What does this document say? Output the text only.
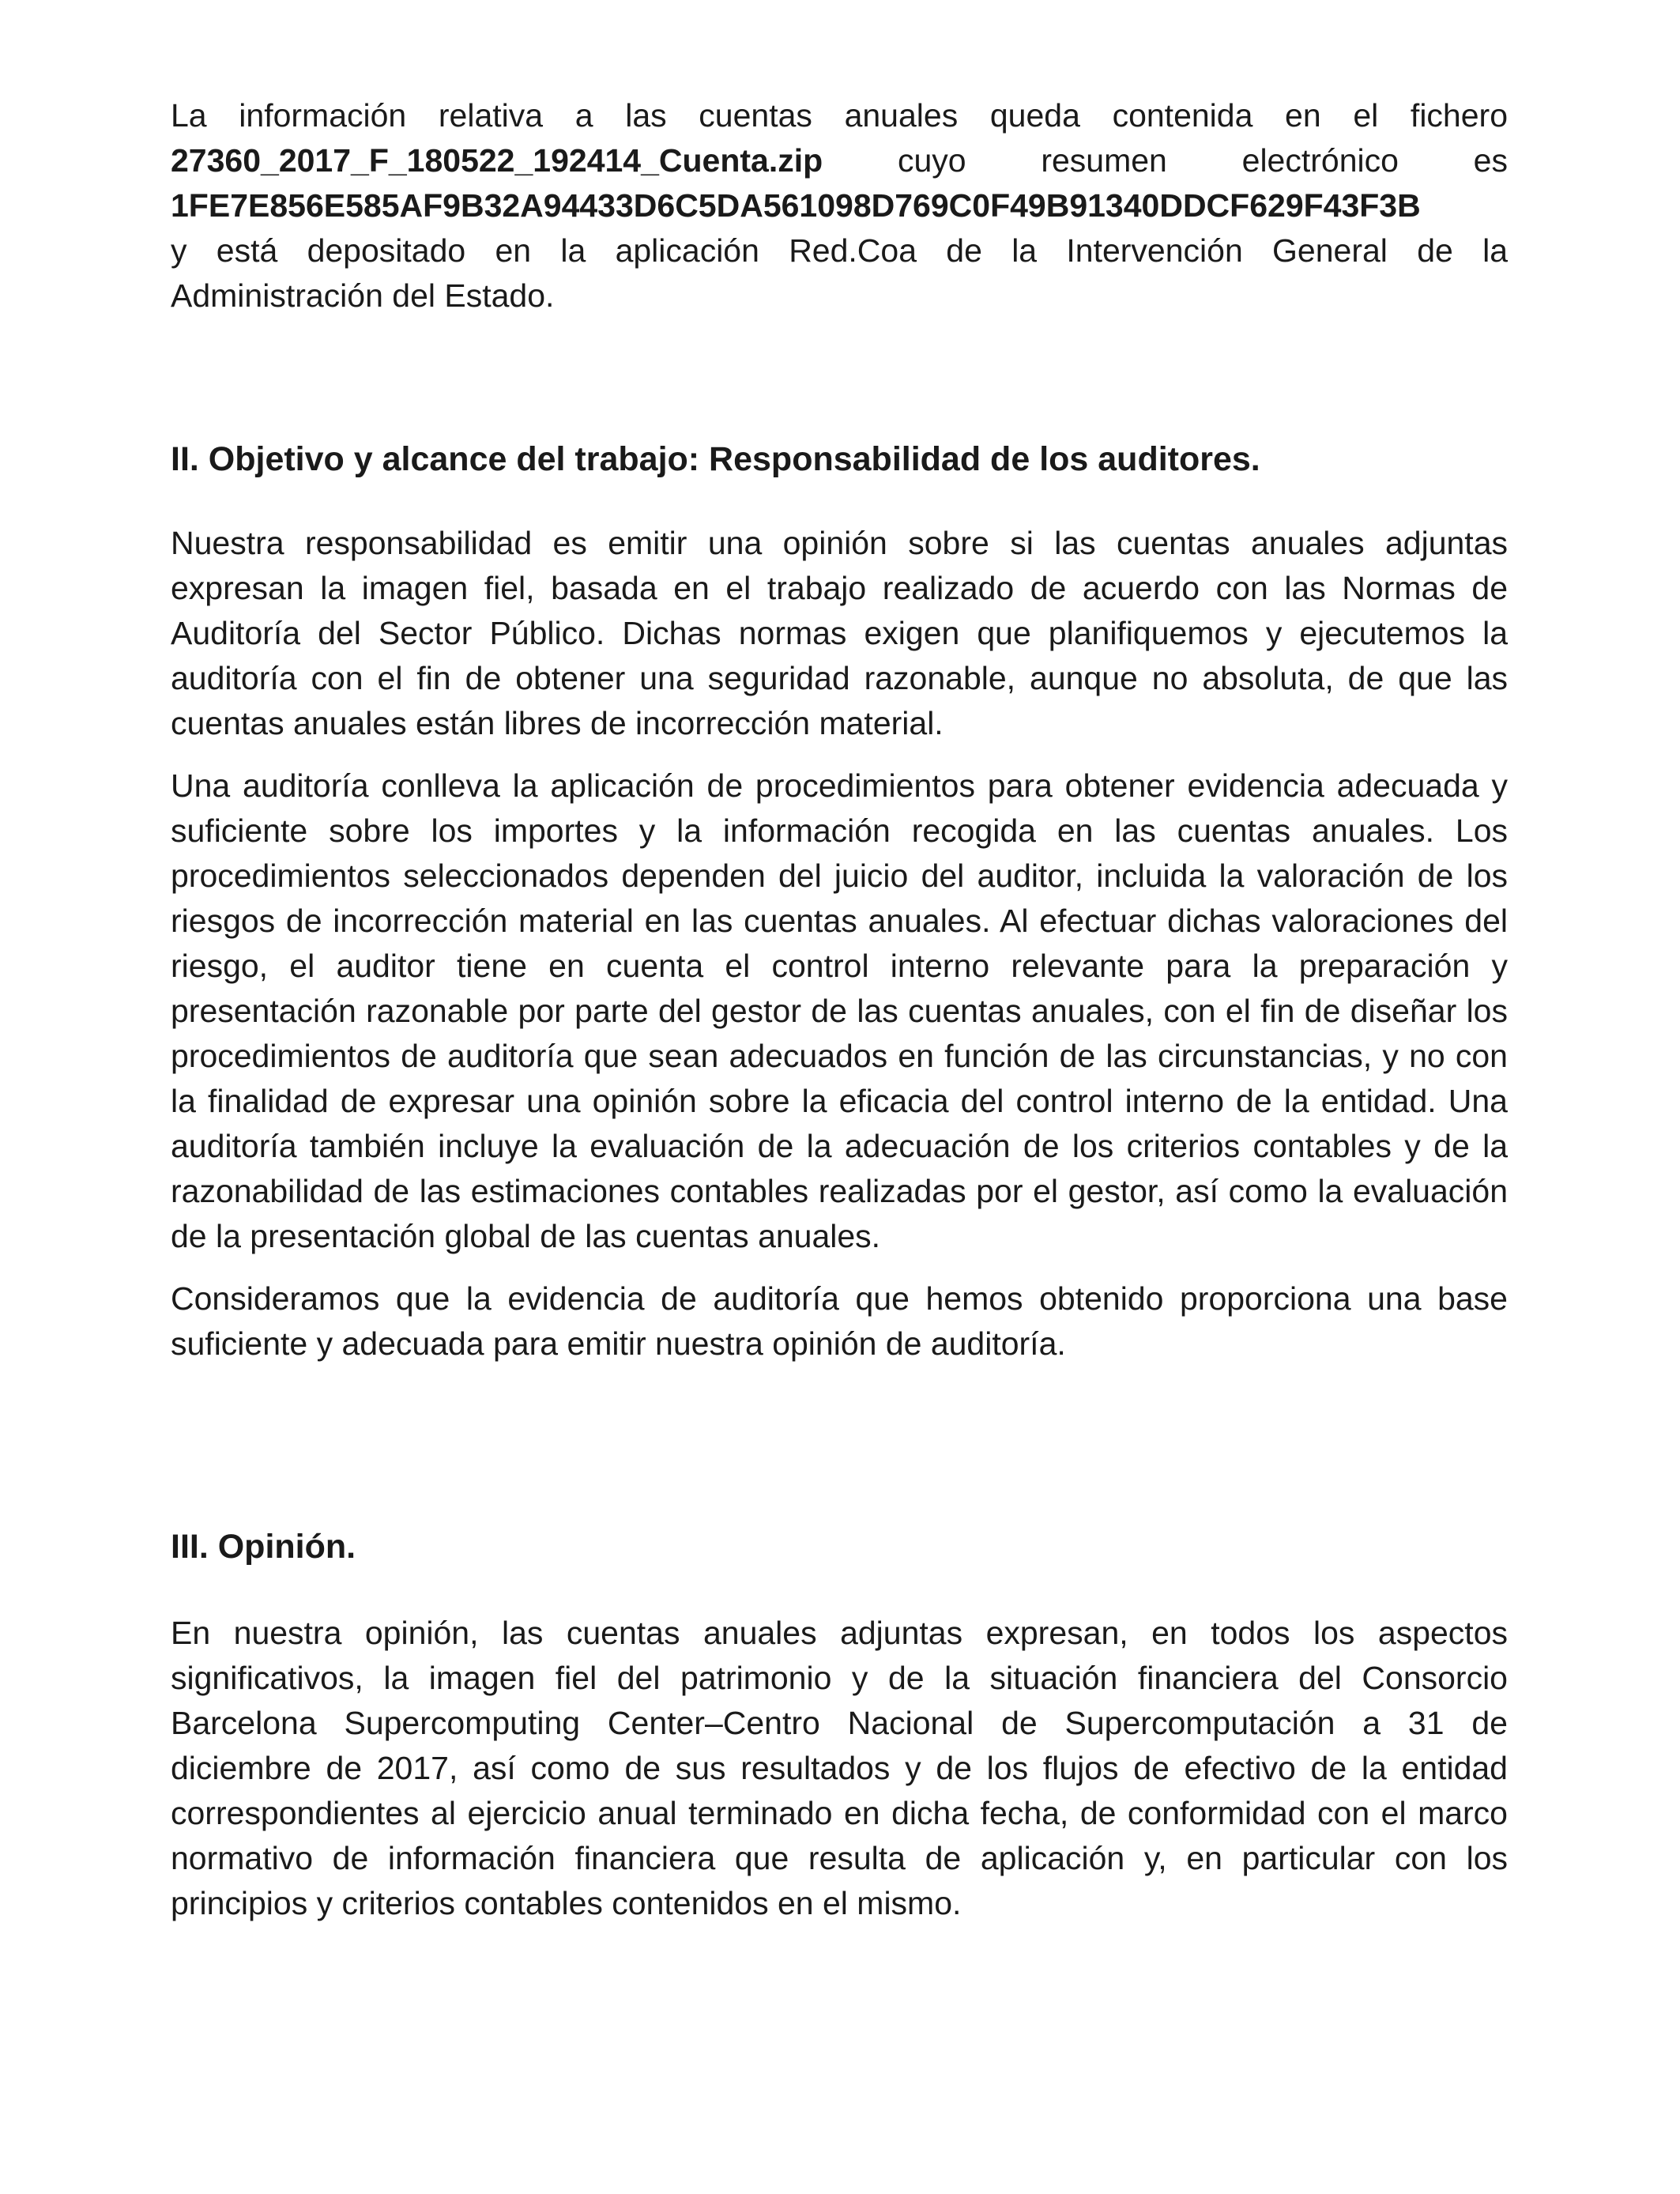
La información relativa a las cuentas anuales queda contenida en el fichero
27360_2017_F_180522_192414_Cuenta.zip cuyo resumen electrónico es
1FE7E856E585AF9B32A94433D6C5DA561098D769C0F49B91340DDCF629F43F3B
y está depositado en la aplicación Red.Coa de la Intervención General de la
Administración del Estado.
II. Objetivo y alcance del trabajo: Responsabilidad de los auditores.

Nuestra responsabilidad es emitir una opinión sobre si las cuentas anuales adjuntas expresan la imagen fiel, basada en el trabajo realizado de acuerdo con las Normas de Auditoría del Sector Público. Dichas normas exigen que planifiquemos y ejecutemos la auditoría con el fin de obtener una seguridad razonable, aunque no absoluta, de que las cuentas anuales están libres de incorrección material.

Una auditoría conlleva la aplicación de procedimientos para obtener evidencia adecuada y suficiente sobre los importes y la información recogida en las cuentas anuales. Los procedimientos seleccionados dependen del juicio del auditor, incluida la valoración de los riesgos de incorrección material en las cuentas anuales. Al efectuar dichas valoraciones del riesgo, el auditor tiene en cuenta el control interno relevante para la preparación y presentación razonable por parte del gestor de las cuentas anuales, con el fin de diseñar los procedimientos de auditoría que sean adecuados en función de las circunstancias, y no con la finalidad de expresar una opinión sobre la eficacia del control interno de la entidad. Una auditoría también incluye la evaluación de la adecuación de los criterios contables y de la razonabilidad de las estimaciones contables realizadas por el gestor, así como la evaluación de la presentación global de las cuentas anuales.

Consideramos que la evidencia de auditoría que hemos obtenido proporciona una base suficiente y adecuada para emitir nuestra opinión de auditoría.

III. Opinión.

En nuestra opinión, las cuentas anuales adjuntas expresan, en todos los aspectos significativos, la imagen fiel del patrimonio y de la situación financiera del Consorcio Barcelona Supercomputing Center–Centro Nacional de Supercomputación a 31 de diciembre de 2017, así como de sus resultados y de los flujos de efectivo de la entidad correspondientes al ejercicio anual terminado en dicha fecha, de conformidad con el marco normativo de información financiera que resulta de aplicación y, en particular con los principios y criterios contables contenidos en el mismo.
